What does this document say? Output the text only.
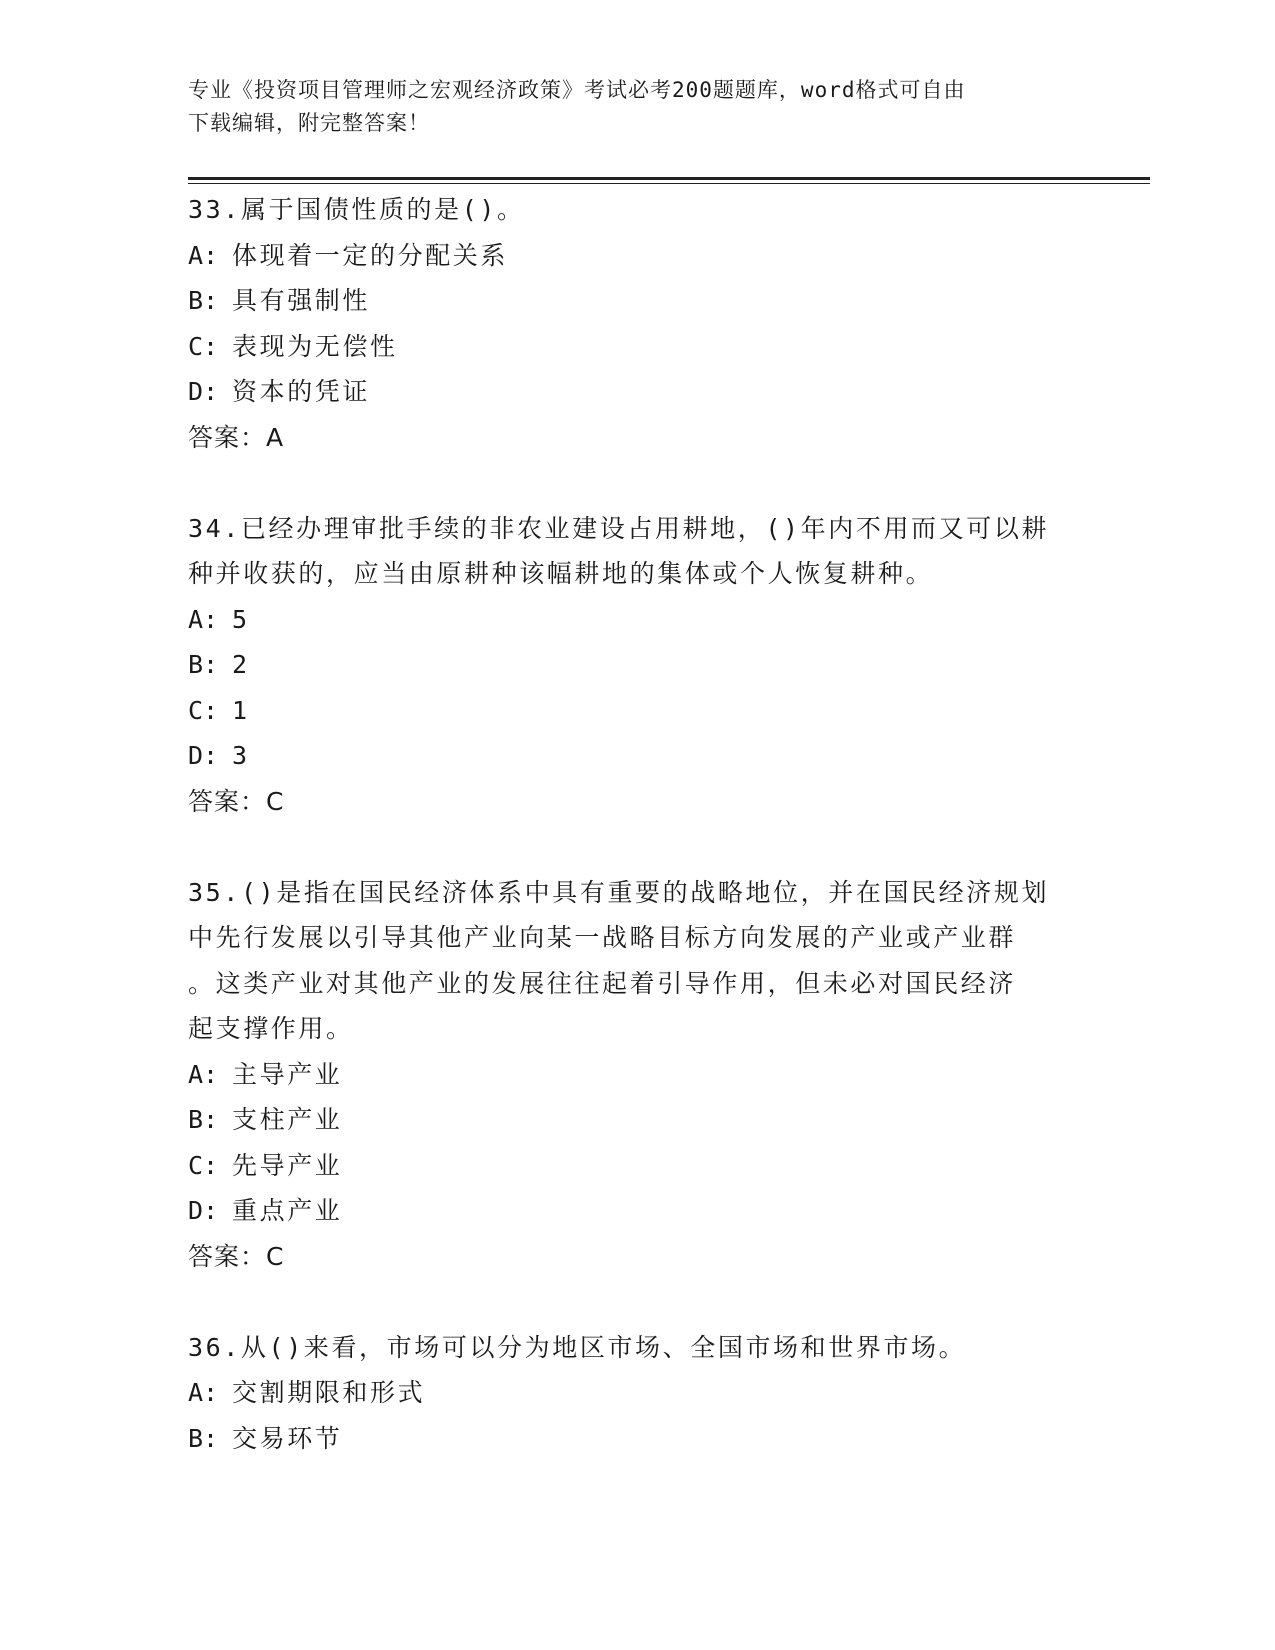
专业《投资项目管理师之宏观经济政策》考试必考200题题库，word格式可自由
下载编辑，附完整答案！

33.属于国债性质的是()。

A: 体现着一定的分配关系

B: 具有强制性

C: 表现为无偿性

D: 资本的凭证

答案：A

34.已经办理审批手续的非农业建设占用耕地，()年内不用而又可以耕

种并收获的，应当由原耕种该幅耕地的集体或个人恢复耕种。

A: 5

B: 2

C: 1

D: 3

答案：C

35.()是指在国民经济体系中具有重要的战略地位，并在国民经济规划

中先行发展以引导其他产业向某一战略目标方向发展的产业或产业群

。这类产业对其他产业的发展往往起着引导作用，但未必对国民经济

起支撑作用。

A: 主导产业

B: 支柱产业

C: 先导产业

D: 重点产业

答案：C

36.从()来看，市场可以分为地区市场、全国市场和世界市场。

A: 交割期限和形式

B: 交易环节
